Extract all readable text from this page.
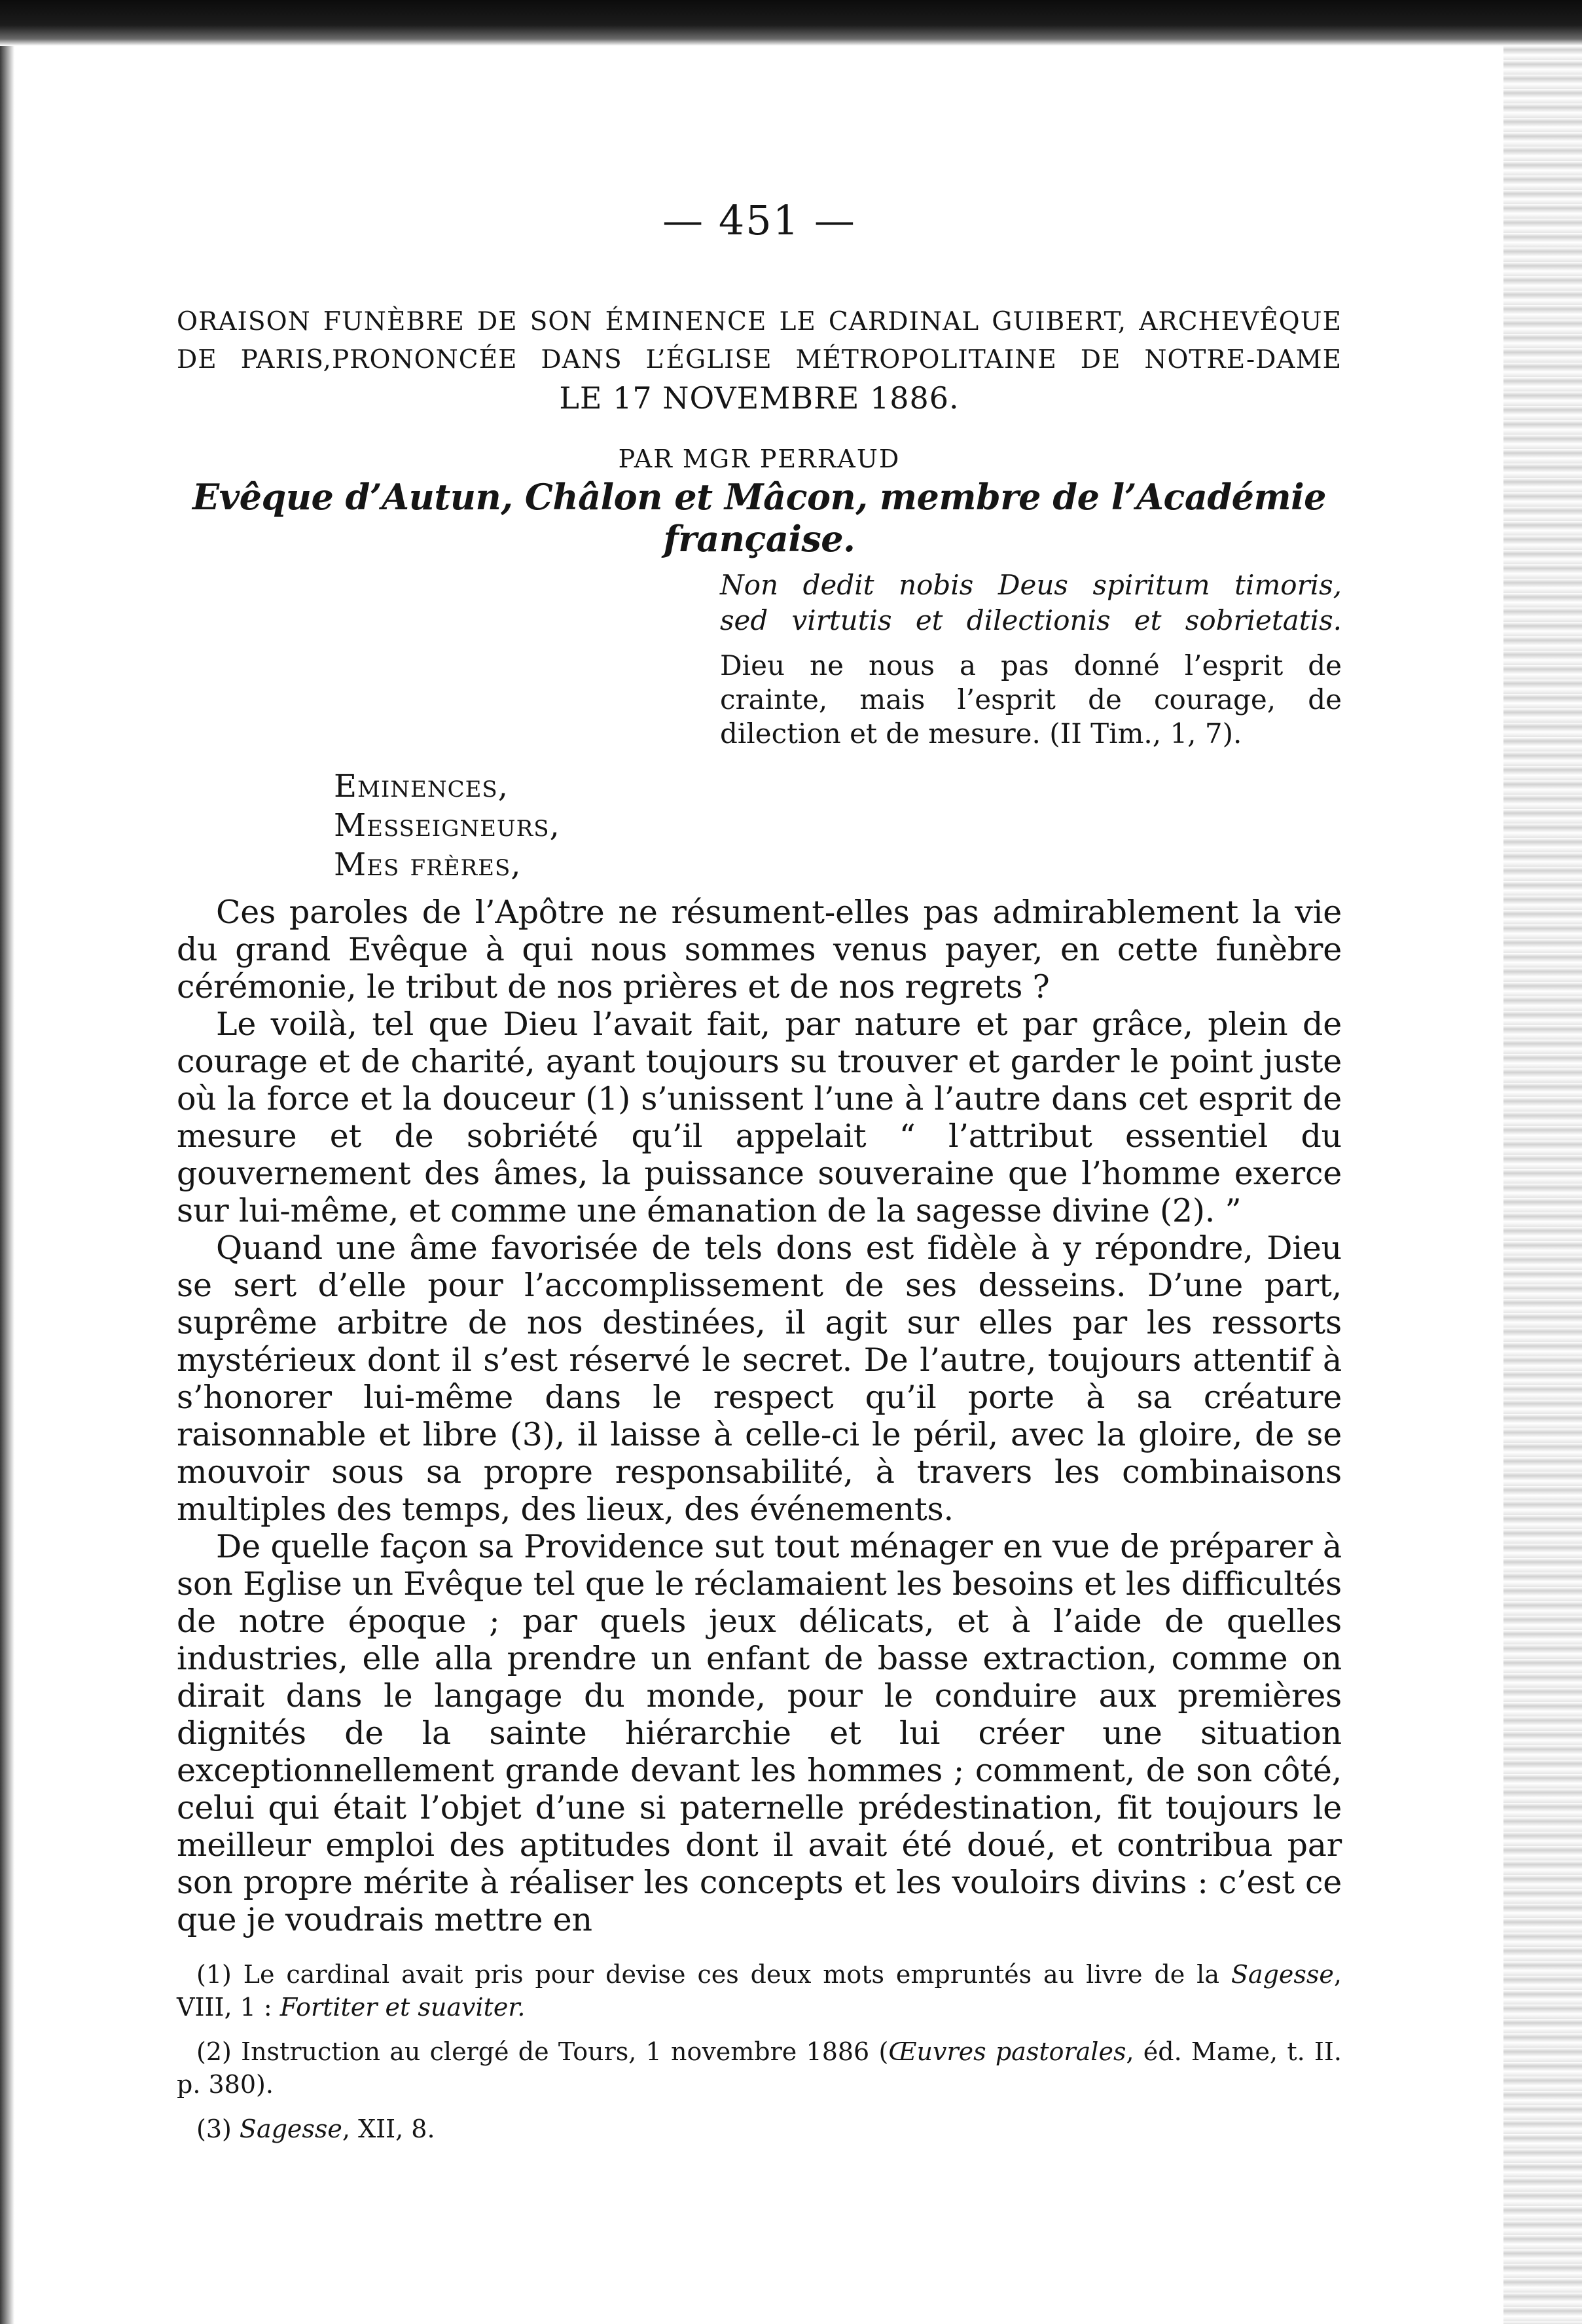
— 451 —
ORAISON FUNÈBRE DE SON ÉMINENCE LE CARDINAL GUIBERT, ARCHEVÊQUE
DE PARIS,PRONONCÉE DANS L’ÉGLISE MÉTROPOLITAINE DE NOTRE-DAME
LE 17 NOVEMBRE 1886.
PAR MGR PERRAUD
Evêque d’Autun, Châlon et Mâcon, membre de l’Académie française.
Non dedit nobis Deus spiritum timoris,
sed virtutis et dilectionis et sobrietatis.
Dieu ne nous a pas donné l’esprit de crainte, mais l’esprit de courage, de dilection et de mesure. (II Tim., 1, 7).
Eminences,
Messeigneurs,
Mes frères,

Ces paroles de l’Apôtre ne résument-elles pas admirablement la vie du grand Evêque à qui nous sommes venus payer, en cette funèbre cérémonie, le tribut de nos prières et de nos regrets ?

Le voilà, tel que Dieu l’avait fait, par nature et par grâce, plein de courage et de charité, ayant toujours su trouver et garder le point juste où la force et la douceur (1) s’unissent l’une à l’autre dans cet esprit de mesure et de sobriété qu’il appelait “ l’attribut essentiel du gouvernement des âmes, la puissance souveraine que l’homme exerce sur lui-même, et comme une émanation de la sagesse divine (2). ”

Quand une âme favorisée de tels dons est fidèle à y répondre, Dieu se sert d’elle pour l’accomplissement de ses desseins. D’une part, suprême arbitre de nos destinées, il agit sur elles par les ressorts mystérieux dont il s’est réservé le secret. De l’autre, toujours attentif à s’honorer lui-même dans le respect qu’il porte à sa créature raisonnable et libre (3), il laisse à celle-ci le péril, avec la gloire, de se mouvoir sous sa propre responsabilité, à travers les combinaisons multiples des temps, des lieux, des événements.

De quelle façon sa Providence sut tout ménager en vue de préparer à son Eglise un Evêque tel que le réclamaient les besoins et les difficultés de notre époque ; par quels jeux délicats, et à l’aide de quelles industries, elle alla prendre un enfant de basse extraction, comme on dirait dans le langage du monde, pour le conduire aux premières dignités de la sainte hiérarchie et lui créer une situation exceptionnellement grande devant les hommes ; comment, de son côté, celui qui était l’objet d’une si paternelle prédestination, fit toujours le meilleur emploi des aptitudes dont il avait été doué, et contribua par son propre mérite à réaliser les concepts et les vouloirs divins : c’est ce que je voudrais mettre en

(1) Le cardinal avait pris pour devise ces deux mots empruntés au livre de la Sagesse, VIII, 1 : Fortiter et suaviter.

(2) Instruction au clergé de Tours, 1 novembre 1886 (Œuvres pastorales, éd. Mame, t. II. p. 380).

(3) Sagesse, XII, 8.
